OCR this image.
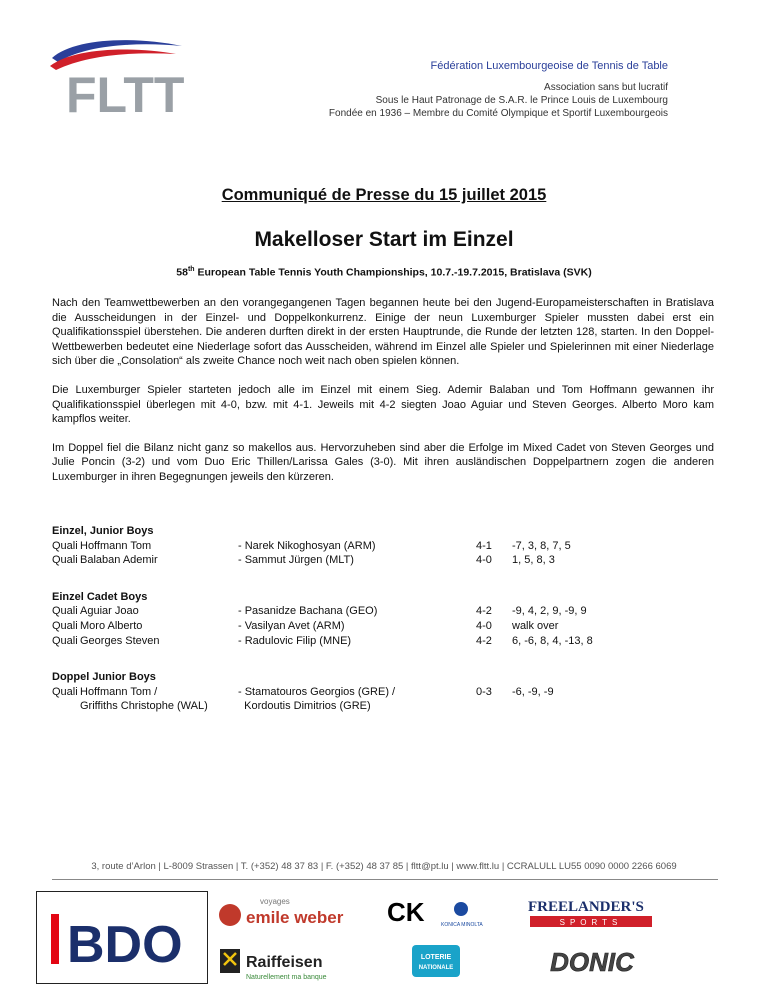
FLTT
Fédération Luxembourgeoise de Tennis de Table
Association sans but lucratif
Sous le Haut Patronage de S.A.R. le Prince Louis de Luxembourg
Fondée en 1936 – Membre du Comité Olympique et Sportif Luxembourgeois
Communiqué de Presse du 15 juillet 2015
Makelloser Start im Einzel
58th European Table Tennis Youth Championships, 10.7.-19.7.2015, Bratislava (SVK)

Nach den Teamwettbewerben an den vorangegangenen Tagen begannen heute bei den Jugend-Europameisterschaften in Bratislava die Ausscheidungen in der Einzel- und Doppelkonkurrenz. Einige der neun Luxemburger Spieler mussten dabei erst ein Qualifikationsspiel überstehen. Die anderen durften direkt in der ersten Hauptrunde, die Runde der letzten 128, starten. In den Doppel-Wettbewerben bedeutet eine Niederlage sofort das Ausscheiden, während im Einzel alle Spieler und Spielerinnen mit einer Niederlage sich über die „Consolation“ als zweite Chance noch weit nach oben spielen können.

Die Luxemburger Spieler starteten jedoch alle im Einzel mit einem Sieg. Ademir Balaban und Tom Hoffmann gewannen ihr Qualifikationsspiel überlegen mit 4-0, bzw. mit 4-1. Jeweils mit 4-2 siegten Joao Aguiar und Steven Georges. Alberto Moro kam kampflos weiter.

Im Doppel fiel die Bilanz nicht ganz so makellos aus. Hervorzuheben sind aber die Erfolge im Mixed Cadet von Steven Georges und Julie Poncin (3-2) und vom Duo Eric Thillen/Larissa Gales (3-0). Mit ihren ausländischen Doppelpartnern zogen die anderen Luxemburger in ihren Begegnungen jeweils den kürzeren.

Einzel, Junior Boys
Quali Hoffmann Tom	- Narek Nikoghosyan (ARM)	4-1	-7, 3, 8, 7, 5
Quali Balaban Ademir	- Sammut Jürgen (MLT)	4-0	1, 5, 8, 3
Einzel Cadet Boys
Quali Aguiar Joao	- Pasanidze Bachana (GEO)	4-2	-9, 4, 2, 9, -9, 9
Quali Moro Alberto	- Vasilyan Avet (ARM)	4-0	walk over
Quali Georges Steven	- Radulovic Filip (MNE)	4-2	6, -6, 8, 4, -13, 8
Doppel Junior Boys
Quali Hoffmann Tom /	- Stamatouros Georgios (GRE) /	0-3	-6, -9, -9
Griffiths Christophe (WAL)	Kordoutis Dimitrios (GRE)
3, route d’Arlon | L-8009 Strassen | T. (+352) 48 37 83 | F. (+352) 48 37 85 | fltt@pt.lu | www.fltt.lu | CCRALULL LU55 0090 0000 2266 6069
BDO
voyages
emile weber CK	KONICA MINOLTA
FREELANDER'S
SPORTS
Raiffeisen
Naturellement ma banque
LOTERIE
NATIONALE	DONIC
